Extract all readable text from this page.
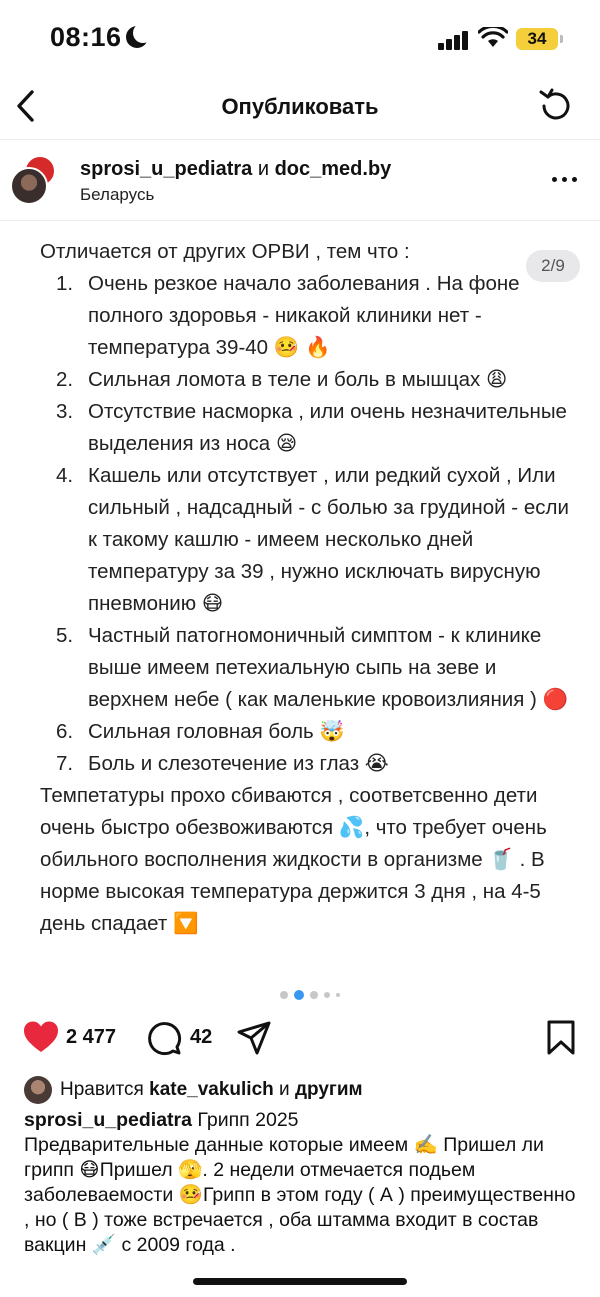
08:16	34
Опубликовать
sprosi_u_pediatra и doc_med.by
Беларусь
Отличается от других ОРВИ , тем что :
1. Очень резкое начало заболевания . На фоне полного здоровья - никакой клиники нет - температура 39-40 🤒 🔥
2. Сильная ломота в теле и боль в мышцах 😩
3. Отсутствие насморка , или очень незначительные выделения из носа 😪
4. Кашель или отсутствует , или редкий сухой , Или сильный , надсадный - с болью за грудиной - если к такому кашлю - имеем несколько дней температуру за 39 , нужно исключать вирусную пневмонию 😷
5. Частный патогномоничный симптом - к клинике выше имеем петехиальную сыпь на зеве и верхнем небе ( как маленькие кровоизлияния ) 🔴
6. Сильная головная боль 🤯
7. Боль и слезотечение из глаз 😭
Темпетатуры прохо сбиваются , соответсвенно дети очень быстро обезвоживаются 💦, что требует очень обильного восполнения жидкости в организме 🥤 . В норме высокая температура держится 3 дня , на 4-5 день спадает 🔽
2/9
2 477	42
Нравится kate_vakulich и другим
sprosi_u_pediatra Грипп 2025
Предварительные данные которые имеем ✍️ Пришел ли грипп 😷Пришел 🫣. 2 недели отмечается подьем заболеваемости 🤒Грипп в этом году ( А ) преимущественно , но ( В ) тоже встречается , оба штамма входит в состав вакцин 💉 с 2009 года .
